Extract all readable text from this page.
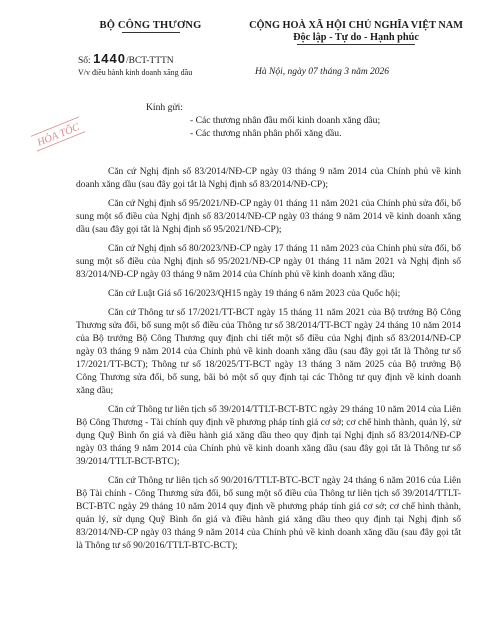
BỘ CÔNG THƯƠNG
Số: 1440/BCT-TTTN
V/v điều hành kinh doanh xăng dầu
CỘNG HOÀ XÃ HỘI CHỦ NGHĨA VIỆT NAM
Độc lập - Tự do - Hạnh phúc
Hà Nội, ngày 07 tháng 3 năm 2026
HỎA TỐC
Kính gửi:
- Các thương nhân đầu mối kinh doanh xăng dầu;
- Các thương nhân phân phối xăng dầu.

Căn cứ Nghị định số 83/2014/NĐ-CP ngày 03 tháng 9 năm 2014 của Chính phủ về kinh doanh xăng dầu (sau đây gọi tắt là Nghị định số 83/2014/NĐ-CP);

Căn cứ Nghị định số 95/2021/NĐ-CP ngày 01 tháng 11 năm 2021 của Chính phủ sửa đổi, bổ sung một số điều của Nghị định số 83/2014/NĐ-CP ngày 03 tháng 9 năm 2014 về kinh doanh xăng dầu (sau đây gọi tắt là Nghị định số 95/2021/NĐ-CP);

Căn cứ Nghị định số 80/2023/NĐ-CP ngày 17 tháng 11 năm 2023 của Chính phủ sửa đổi, bổ sung một số điều của Nghị định số 95/2021/NĐ-CP ngày 01 tháng 11 năm 2021 và Nghị định số 83/2014/NĐ-CP ngày 03 tháng 9 năm 2014 của Chính phủ về kinh doanh xăng dầu;

Căn cứ Luật Giá số 16/2023/QH15 ngày 19 tháng 6 năm 2023 của Quốc hội;

Căn cứ Thông tư số 17/2021/TT-BCT ngày 15 tháng 11 năm 2021 của Bộ trưởng Bộ Công Thương sửa đổi, bổ sung một số điều của Thông tư số 38/2014/TT-BCT ngày 24 tháng 10 năm 2014 của Bộ trưởng Bộ Công Thương quy định chi tiết một số điều của Nghị định số 83/2014/NĐ-CP ngày 03 tháng 9 năm 2014 của Chính phủ về kinh doanh xăng dầu (sau đây gọi tắt là Thông tư số 17/2021/TT-BCT); Thông tư số 18/2025/TT-BCT ngày 13 tháng 3 năm 2025 của Bộ trưởng Bộ Công Thương sửa đổi, bổ sung, bãi bỏ một số quy định tại các Thông tư quy định về kinh doanh xăng dầu;

Căn cứ Thông tư liên tịch số 39/2014/TTLT-BCT-BTC ngày 29 tháng 10 năm 2014 của Liên Bộ Công Thương - Tài chính quy định về phương pháp tính giá cơ sở; cơ chế hình thành, quản lý, sử dụng Quỹ Bình ổn giá và điều hành giá xăng dầu theo quy định tại Nghị định số 83/2014/NĐ-CP ngày 03 tháng 9 năm 2014 của Chính phủ về kinh doanh xăng dầu (sau đây gọi tắt là Thông tư số 39/2014/TTLT-BCT-BTC);

Căn cứ Thông tư liên tịch số 90/2016/TTLT-BTC-BCT ngày 24 tháng 6 năm 2016 của Liên Bộ Tài chính - Công Thương sửa đổi, bổ sung một số điều của Thông tư liên tịch số 39/2014/TTLT-BCT-BTC ngày 29 tháng 10 năm 2014 quy định về phương pháp tính giá cơ sở; cơ chế hình thành, quản lý, sử dụng Quỹ Bình ổn giá và điều hành giá xăng dầu theo quy định tại Nghị định số 83/2014/NĐ-CP ngày 03 tháng 9 năm 2014 của Chính phủ về kinh doanh xăng dầu (sau đây gọi tắt là Thông tư số 90/2016/TTLT-BTC-BCT);
